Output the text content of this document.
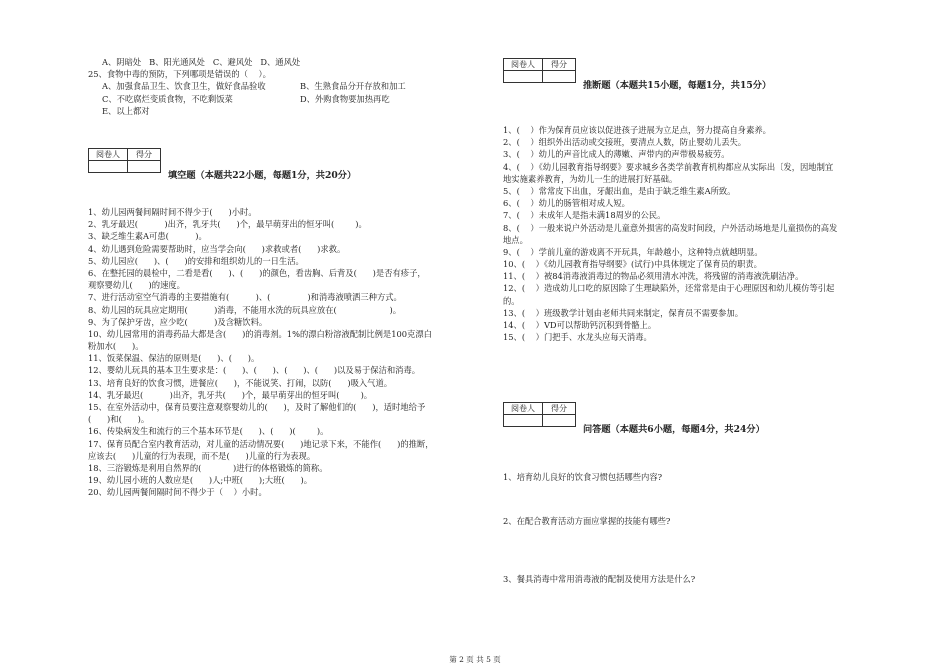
A、阴暗处   B、阳光通风处   C、避风处   D、通风处
25、食物中毒的预防，下列哪项是错误的（    ）。
A、加强食品卫生、饮食卫生，做好食品验收	B、生熟食品分开存放和加工
C、不吃腐烂变质食物，不吃剩饭菜	D、外购食物要加热再吃
E、以上都对
阅卷人	得分

填空题（本题共22小题，每题1分，共20分）
1、幼儿园两餐间隔时间不得少于(      )小时。
2、乳牙最迟(          )出齐，乳牙共(      )个，最早萌芽出的恒牙叫(        )。
3、缺乏维生素A可患(          )。
4、幼儿遇到危险需要帮助时，应当学会向(      )求救或者(      )求救。
5、幼儿园应(      )、(      )的安排和组织幼儿的一日生活。
6、在整托园的晨检中，二看是看(      )、(      )的颜色，看齿胸、后背及(      )是否有疹子，
观察婴幼儿(      )的速度。
7、进行活动室空气消毒的主要措施有(          )、(              )和消毒液喷洒三种方式。
8、幼儿园的玩具应定期用(          )消毒，不能用水洗的玩具应放在(                    )。
9、为了保护牙齿，应少吃(          )及含糖饮料。
10、幼儿园常用的消毒药品大都是含(      )的消毒剂。1%的漂白粉溶液配制比例是100克漂白
粉加水(      )。
11、饭菜保温、保洁的原则是(      )、(      )。
12、婴幼儿玩具的基本卫生要求是：(      )、(      )、(      )、(      )以及易于保洁和消毒。
13、培育良好的饮食习惯，进餐应(      )，不能说笑、打闹，以防(      )吸入气道。
14、乳牙最迟(          )出齐，乳牙共(      )个，最早萌芽出的恒牙叫(        )。
15、在室外活动中，保育员要注意观察婴幼儿的(      )，及时了解他们的(      )，适时地给予
(      )和(      )。
16、传染病发生和流行的三个基本环节是(      )、(      )(        )。
17、保育员配合室内教育活动，对儿童的活动情况要(      )地记录下来，不能作(      )的推断，
应该去(      )儿童的行为表现，而不是(      )儿童的行为表现。
18、三浴锻炼是利用自然界的(            )进行的体格锻炼的简称。
19、幼儿园小班的人数应是(      )人;中班(      );大班(      )。
20、幼儿园两餐间隔时间不得少于（    ）小时。
阅卷人	得分

推断题（本题共15小题，每题1分，共15分）
1、(    ）作为保育员应该以促进孩子进展为立足点，努力提高自身素养。
2、(    ）组织外出活动或交接班，要清点人数，防止婴幼儿丢失。
3、(    ）幼儿的声音比成人的薄嫩、声带内的声带极易疲劳。
4、(    ）《幼儿园教育指导纲要》要求城乡各类学前教育机构都应从实际出〔发，因地制宜
地实施素养教育，为幼儿一生的进展打好基础。
5、(    ）常常皮下出血，牙龈出血，是由于缺乏维生素A所致。
6、(    ）幼儿的肠管相对成人短。
7、(    ）未成年人是指未满18周岁的公民。
8、(    ）一般来说户外活动是儿童意外损害的高发时间段，户外活动场地是儿童损伤的高发
地点。
9、(    ）学前儿童的游戏离不开玩具，年龄越小，这种特点就越明显。
10、(    ）《幼儿园教育指导纲要》(试行)中具体规定了保育员的职责。
11、(    ）被84消毒液消毒过的物品必须用清水冲洗，将残留的消毒液洗刷洁净。
12、(    ）造成幼儿口吃的原因除了生理缺陷外，还常常是由于心理原因和幼儿模仿等引起
的。
13、(    ）班级教学计划由老师共同来制定，保育员不需要参加。
14、(    ）VD可以帮助钙沉积到骨骼上。
15、(    ）门把手、水龙头应每天消毒。
阅卷人	得分

问答题（本题共6小题，每题4分，共24分）
1、培育幼儿良好的饮食习惯包括哪些内容?
2、在配合教育活动方面应掌握的技能有哪些?
3、餐具消毒中常用消毒液的配制及使用方法是什么?
第 2 页 共 5 页
